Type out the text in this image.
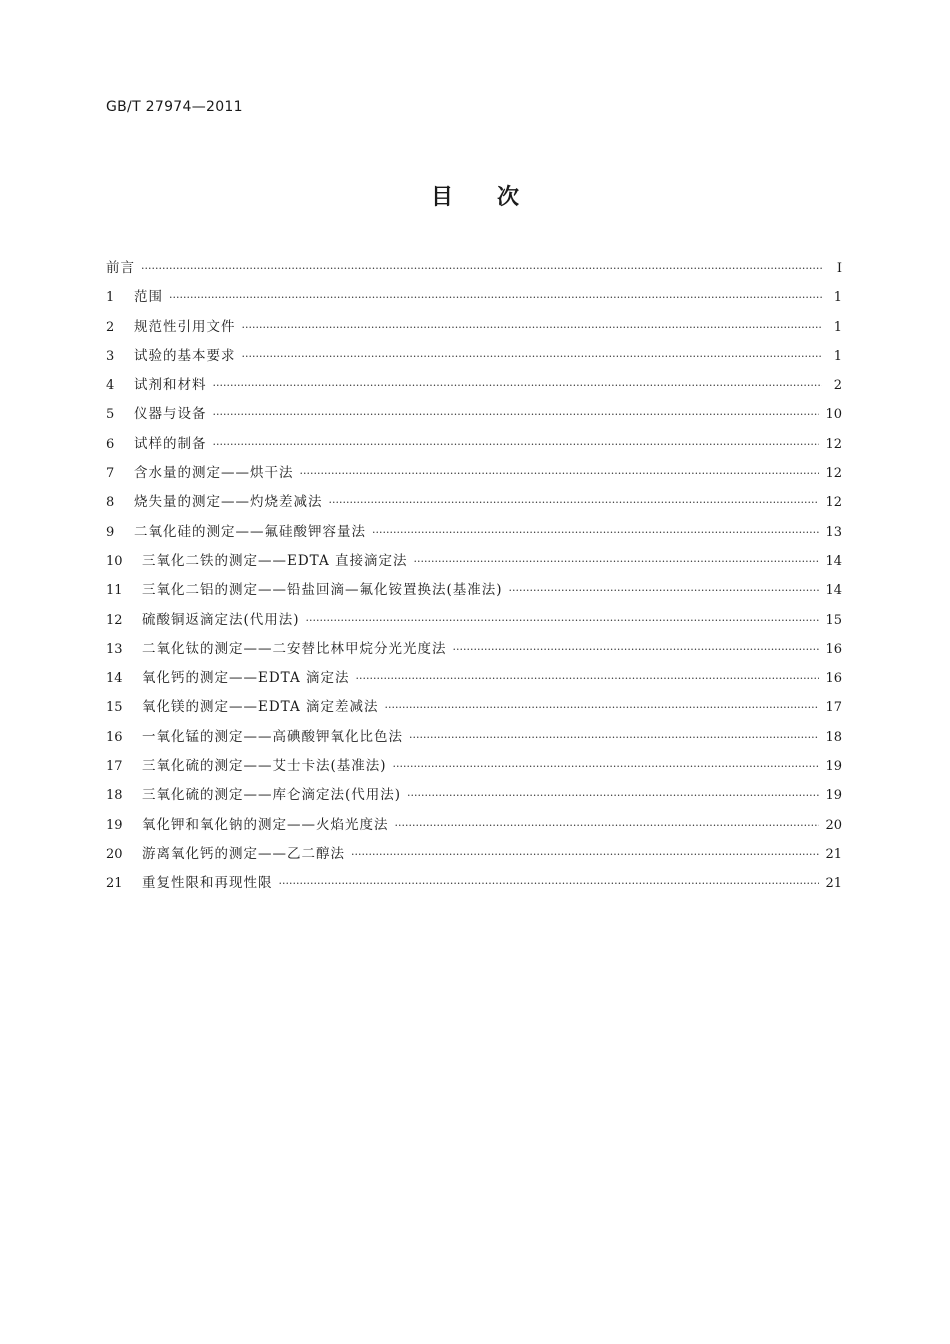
GB/T 27974—2011
目 次
前言 ·····	Ⅰ
1	范围 ·····	1
2	规范性引用文件 ·····	1
3	试验的基本要求 ·····	1
4	试剂和材料 ·····	2
5	仪器与设备 ·····	10
6	试样的制备 ·····	12
7	含水量的测定——烘干法 ·····	12
8	烧失量的测定——灼烧差减法 ·····	12
9	二氧化硅的测定——氟硅酸钾容量法 ·····	13
10	三氧化二铁的测定——EDTA 直接滴定法 ·····	14
11	三氧化二铝的测定——铅盐回滴—氟化铵置换法(基准法) ·····	14
12	硫酸铜返滴定法(代用法) ·····	15
13	二氧化钛的测定——二安替比林甲烷分光光度法 ·····	16
14	氧化钙的测定——EDTA 滴定法 ·····	16
15	氧化镁的测定——EDTA 滴定差减法 ·····	17
16	一氧化锰的测定——高碘酸钾氧化比色法 ·····	18
17	三氧化硫的测定——艾士卡法(基准法) ·····	19
18	三氧化硫的测定——库仑滴定法(代用法) ·····	19
19	氧化钾和氧化钠的测定——火焰光度法 ·····	20
20	游离氧化钙的测定——乙二醇法 ·····	21
21	重复性限和再现性限 ·····	21
